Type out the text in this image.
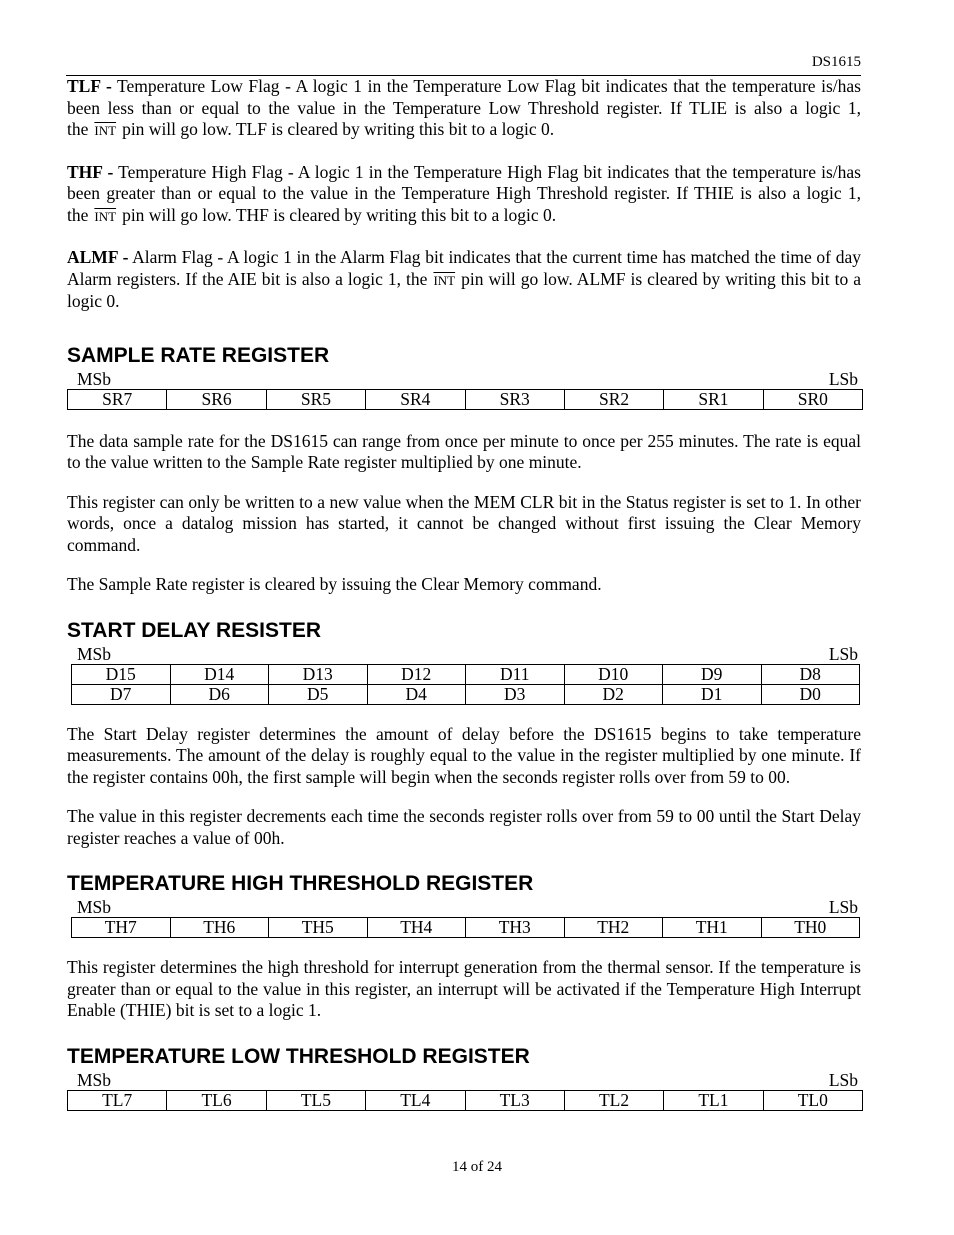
DS1615

TLF - Temperature Low Flag - A logic 1 in the Temperature Low Flag bit indicates that the temperature is/has been less than or equal to the value in the Temperature Low Threshold register. If TLIE is also a logic 1, the $\overline{INT}$ pin will go low. TLF is cleared by writing this bit to a logic 0.

THF - Temperature High Flag - A logic 1 in the Temperature High Flag bit indicates that the temperature is/has been greater than or equal to the value in the Temperature High Threshold register. If THIE is also a logic 1, the $\overline{INT}$ pin will go low. THF is cleared by writing this bit to a logic 0.

ALMF - Alarm Flag - A logic 1 in the Alarm Flag bit indicates that the current time has matched the time of day Alarm registers. If the AIE bit is also a logic 1, the $\overline{INT}$ pin will go low. ALMF is cleared by writing this bit to a logic 0.

SAMPLE RATE REGISTER
MSb	LSb
SR7	SR6	SR5	SR4	SR3	SR2	SR1	SR0

The data sample rate for the DS1615 can range from once per minute to once per 255 minutes. The rate is equal to the value written to the Sample Rate register multiplied by one minute.

This register can only be written to a new value when the MEM CLR bit in the Status register is set to 1. In other words, once a datalog mission has started, it cannot be changed without first issuing the Clear Memory command.

The Sample Rate register is cleared by issuing the Clear Memory command.

START DELAY RESISTER
MSb	LSb
D15	D14	D13	D12	D11	D10	D9	D8
D7	D6	D5	D4	D3	D2	D1	D0

The Start Delay register determines the amount of delay before the DS1615 begins to take temperature measurements. The amount of the delay is roughly equal to the value in the register multiplied by one minute. If the register contains 00h, the first sample will begin when the seconds register rolls over from 59 to 00.

The value in this register decrements each time the seconds register rolls over from 59 to 00 until the Start Delay register reaches a value of 00h.

TEMPERATURE HIGH THRESHOLD REGISTER
MSb	LSb
TH7	TH6	TH5	TH4	TH3	TH2	TH1	TH0

This register determines the high threshold for interrupt generation from the thermal sensor. If the temperature is greater than or equal to the value in this register, an interrupt will be activated if the Temperature High Interrupt Enable (THIE) bit is set to a logic 1.

TEMPERATURE LOW THRESHOLD REGISTER
MSb	LSb
TL7	TL6	TL5	TL4	TL3	TL2	TL1	TL0
14 of 24
